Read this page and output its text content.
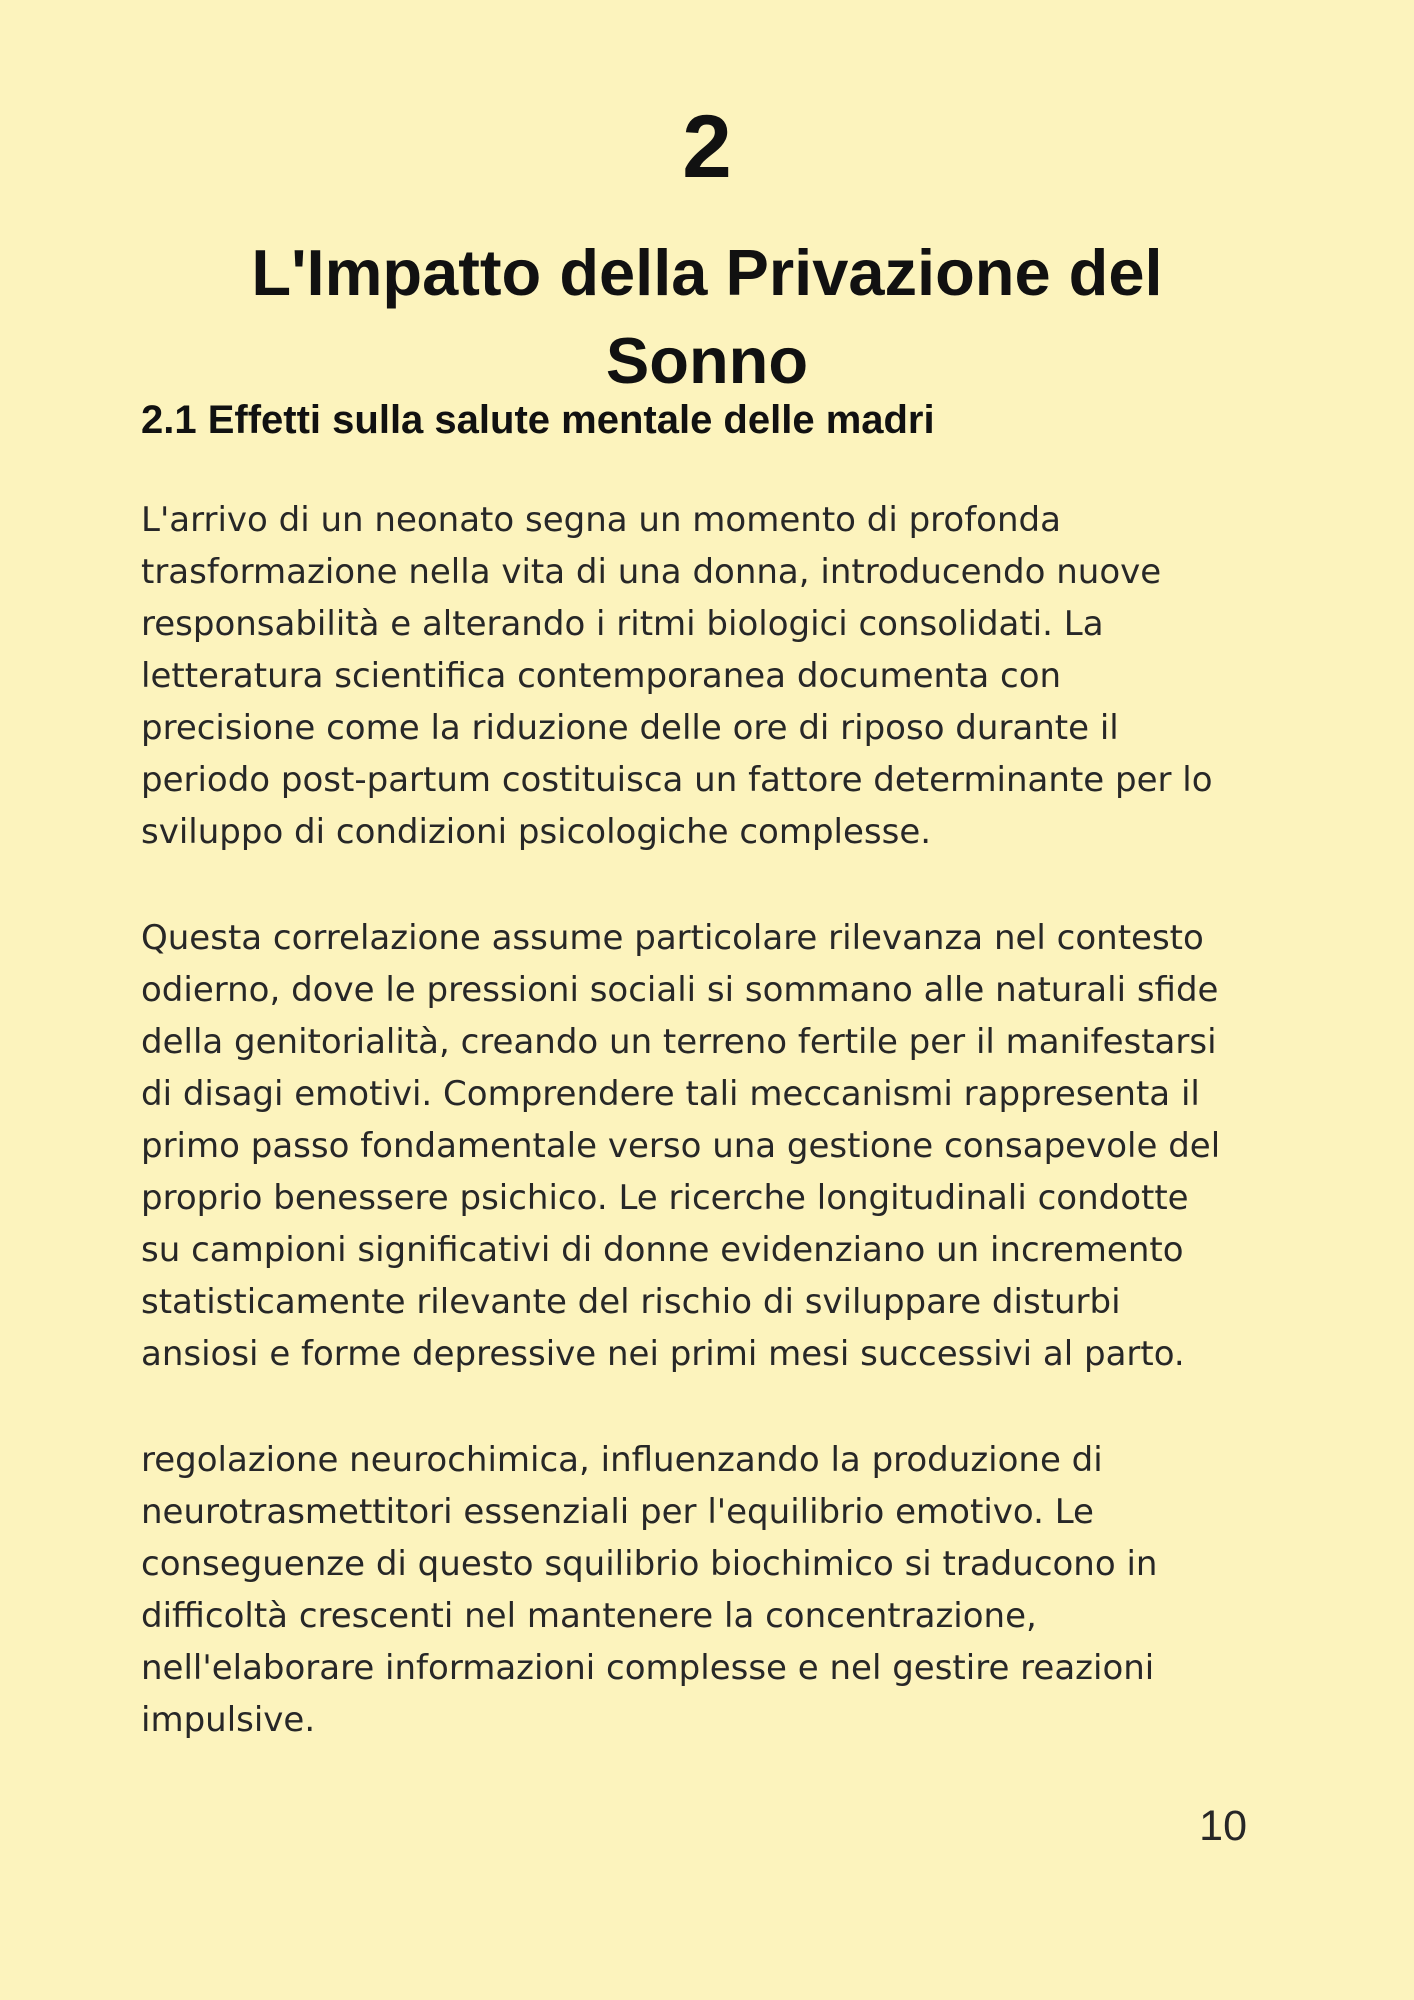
2
L'Impatto della Privazione del
Sonno
2.1 Effetti sulla salute mentale delle madri

L'arrivo di un neonato segna un momento di profonda
trasformazione nella vita di una donna, introducendo nuove
responsabilità e alterando i ritmi biologici consolidati. La
letteratura scientifica contemporanea documenta con
precisione come la riduzione delle ore di riposo durante il
periodo post-partum costituisca un fattore determinante per lo
sviluppo di condizioni psicologiche complesse.

Questa correlazione assume particolare rilevanza nel contesto
odierno, dove le pressioni sociali si sommano alle naturali sfide
della genitorialità, creando un terreno fertile per il manifestarsi
di disagi emotivi. Comprendere tali meccanismi rappresenta il
primo passo fondamentale verso una gestione consapevole del
proprio benessere psichico. Le ricerche longitudinali condotte
su campioni significativi di donne evidenziano un incremento
statisticamente rilevante del rischio di sviluppare disturbi
ansiosi e forme depressive nei primi mesi successivi al parto.

regolazione neurochimica, influenzando la produzione di
neurotrasmettitori essenziali per l'equilibrio emotivo. Le
conseguenze di questo squilibrio biochimico si traducono in
difficoltà crescenti nel mantenere la concentrazione,
nell'elaborare informazioni complesse e nel gestire reazioni
impulsive.

10
